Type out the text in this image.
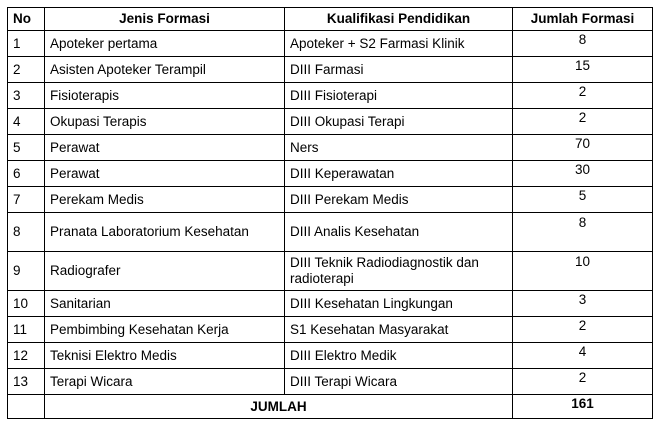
No	Jenis Formasi	Kualifikasi Pendidikan	Jumlah Formasi
1	Apoteker pertama	Apoteker + S2 Farmasi Klinik	8
2	Asisten Apoteker Terampil	DIII Farmasi	15
3	Fisioterapis	DIII Fisioterapi	2
4	Okupasi Terapis	DIII Okupasi Terapi	2
5	Perawat	Ners	70
6	Perawat	DIII Keperawatan	30
7	Perekam Medis	DIII Perekam Medis	5
8	Pranata Laboratorium Kesehatan	DIII Analis Kesehatan	8
9	Radiografer	DIII Teknik Radiodiagnostik dan radioterapi	10
10	Sanitarian	DIII Kesehatan Lingkungan	3
11	Pembimbing Kesehatan Kerja	S1 Kesehatan Masyarakat	2
12	Teknisi Elektro Medis	DIII Elektro Medik	4
13	Terapi Wicara	DIII Terapi Wicara	2
	JUMLAH		161
